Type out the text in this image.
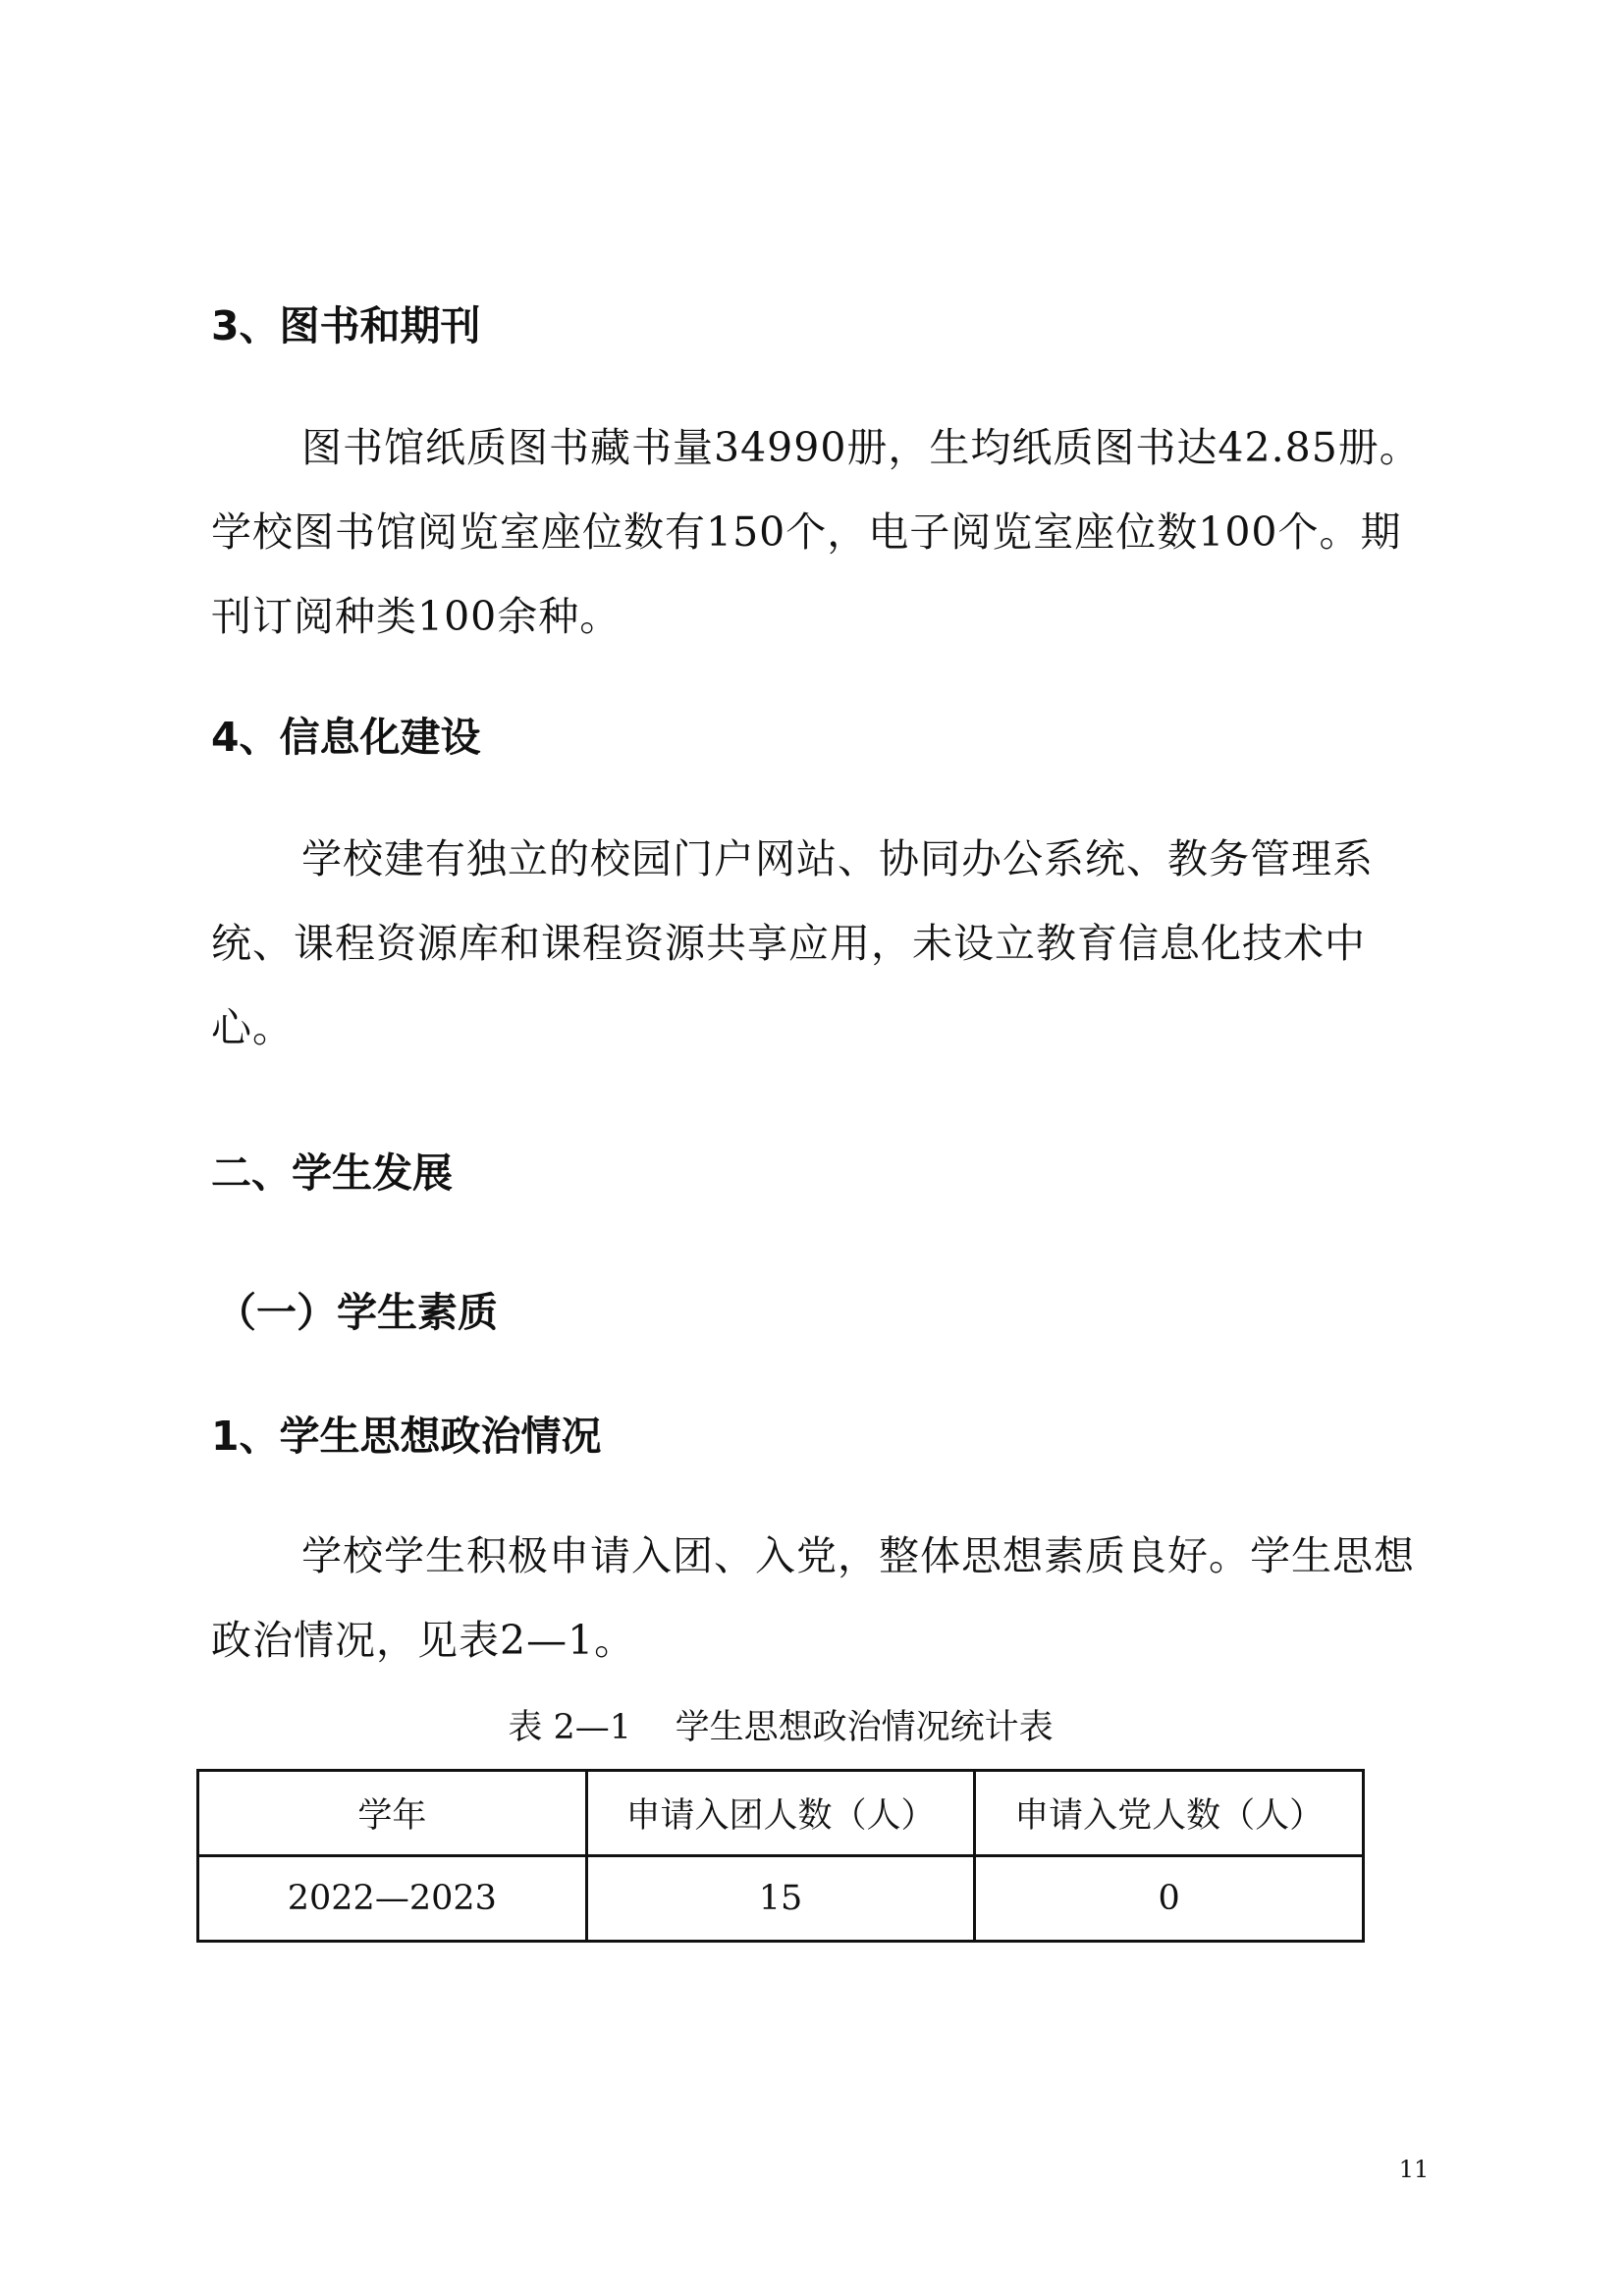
3、图书和期刊

图书馆纸质图书藏书量34990册，生均纸质图书达42.85册。学校图书馆阅览室座位数有150个，电子阅览室座位数100个。期刊订阅种类100余种。

4、信息化建设

学校建有独立的校园门户网站、协同办公系统、教务管理系统、课程资源库和课程资源共享应用，未设立教育信息化技术中心。

二、学生发展
（一）学生素质
1、学生思想政治情况

学校学生积极申请入团、入党，整体思想素质良好。学生思想政治情况，见表2—1。

表 2—1    学生思想政治情况统计表

学年	申请入团人数（人）	申请入党人数（人）
2022—2023	15	0
11
